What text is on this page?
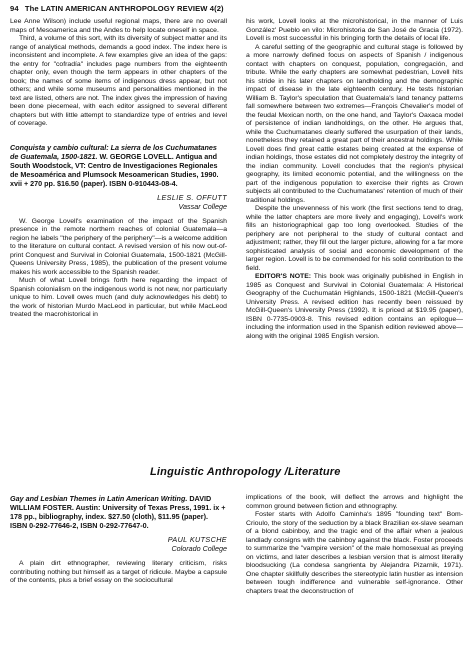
94 The LATIN AMERICAN ANTHROPOLOGY REVIEW 4(2)

Lee Anne Wilson) include useful regional maps, there are no overall maps of Mesoamerica and the Andes to help locate oneself in space.

Third, a volume of this sort, with its diversity of subject matter and its range of analytical methods, demands a good index. The index here is inconsistent and incomplete. A few examples give an idea of the gaps: the entry for "cofradía" includes page numbers from the eighteenth chapter only, even though the term appears in other chapters of the book; the names of some items of indigenous dress appear, but not others; and while some museums and personalities mentioned in the text are listed, others are not. The index gives the impression of having been done piecemeal, with each editor assigned to several different chapters but with little attempt to standardize type of entries and level of coverage.

Conquista y cambio cultural: La sierra de los Cuchumatanes de Guatemala, 1500-1821. W. GEORGE LOVELL. Antigua and South Woodstock, VT: Centro de Investigaciones Regionales de Mesoamérica and Plumsock Mesoamerican Studies, 1990. xvii + 270 pp. $16.50 (paper). ISBN 0-910443-08-4.
LESLIE S. OFFUTT
Vassar College

W. George Lovell's examination of the impact of the Spanish presence in the remote northern reaches of colonial Guatemala—a region he labels "the periphery of the periphery"—is a welcome addition to the literature on cultural contact. A revised version of his now out-of-print Conquest and Survival in Colonial Guatemala, 1500-1821 (McGill-Queens University Press, 1985), the publication of the present volume makes his work accessible to the Spanish reader.

Much of what Lovell brings forth here regarding the impact of Spanish colonialism on the indigenous world is not new, nor particularly unique to him. Lovell owes much (and duly acknowledges his debt) to the work of historian Murdo MacLeod in particular, but while MacLeod treated the macrohistorical in

his work, Lovell looks at the microhistorical, in the manner of Luis González' Pueblo en vilo: Microhistoria de San José de Gracia (1972). Lovell is most successful in his bringing forth the details of local life.

A careful setting of the geographic and cultural stage is followed by a more narrowly defined focus on aspects of Spanish / indigenous contact with chapters on conquest, population, congregación, and tribute. While the early chapters are somewhat pedestrian, Lovell hits his stride in his later chapters on landholding and the demographic impact of disease in the late eighteenth century. He tests historian William B. Taylor's speculation that Guatemala's land tenancy patterns fall somewhere between two extremes—François Chevalier's model of the feudal Mexican north, on the one hand, and Taylor's Oaxaca model of persistence of indian landholdings, on the other. He argues that, while the Cuchumatanes clearly suffered the usurpation of their lands, nonetheless they retained a great part of their ancestral holdings. While Lovell does find great cattle estates being created at the expense of indian holdings, those estates did not completely destroy the integrity of the indian community. Lovell concludes that the region's physical geography, its limited economic potential, and the willingness on the part of the indigenous population to exercise their rights as Crown subjects all contributed to the Cuchumatanes' retention of much of their traditional holdings.

Despite the unevenness of his work (the first sections tend to drag, while the latter chapters are more lively and engaging), Lovell's work fills an historiographical gap too long overlooked. Studies of the periphery are not peripheral to the study of cultural contact and adjustment; rather, they fill out the larger picture, allowing for a far more sophisticated analysis of social and economic development of the larger region. Lovell is to be commended for his solid contribution to the field.

EDITOR'S NOTE: This book was originally published in English in 1985 as Conquest and Survival in Colonial Guatemala: A Historical Geography of the Cuchumatán Highlands, 1500-1821 (McGill-Queen's University Press. A revised edition has recently been reissued by McGill-Queen's University Press (1992). It is priced at $19.95 (paper), ISBN 0-7735-0903-8. This revised edition contains an epilogue—including the information used in the Spanish edition reviewed above—along with the original 1985 English version.

Linguistic Anthropology /Literature
Gay and Lesbian Themes in Latin American Writing. DAVID WILLIAM FOSTER. Austin: University of Texas Press, 1991. ix + 178 pp., bibliography, index. $27.50 (cloth), $11.95 (paper). ISBN 0-292-77646-2, ISBN 0-292-77647-0.
PAUL KUTSCHE
Colorado College

A plain dirt ethnographer, reviewing literary criticism, risks contributing nothing but himself as a target of ridicule. Maybe a capsule of the contents, plus a brief essay on the sociocultural

implications of the book, will deflect the arrows and highlight the common ground between fiction and ethnography.

Foster starts with Adolfo Caminha's 1895 "founding text" Bom-Crioulo, the story of the seduction by a black Brazilian ex-slave seaman of a blond cabinboy, and the tragic end of the affair when a jealous landlady consigns with the cabinboy against the black. Foster proceeds to summarize the "vampire version" of the male homosexual as preying on victims, and later describes a lesbian version that is almost literally bloodsucking (La condesa sangrienta by Alejandra Pizarnik, 1971). One chapter skillfully describes the stereotypic latin hustler as intension between tough indifference and vulnerable self-ignorance. Other chapters treat the deconstruction of
